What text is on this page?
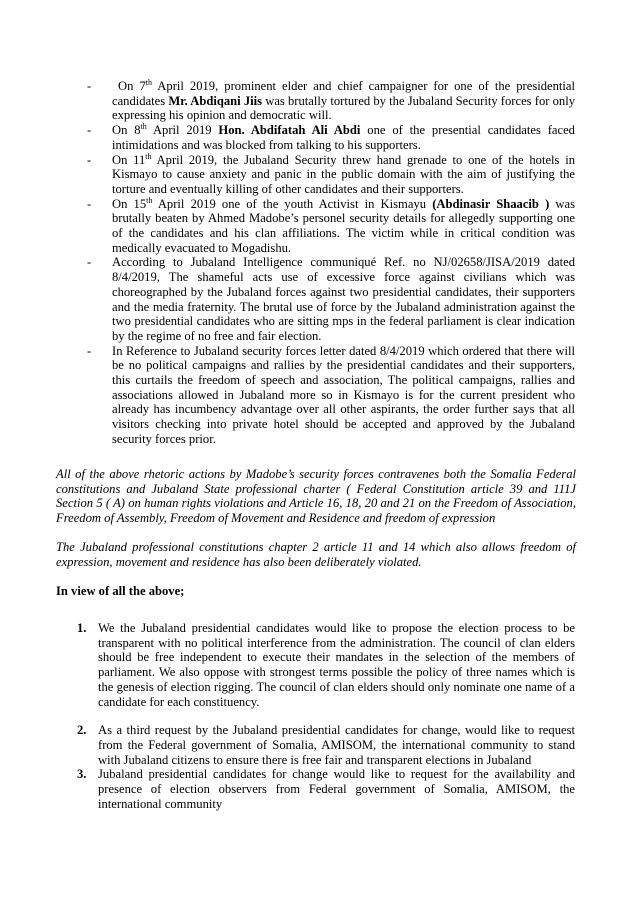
- On 7th April 2019, prominent elder and chief campaigner for one of the presidential candidates Mr. Abdiqani Jiis was brutally tortured by the Jubaland Security forces for only expressing his opinion and democratic will.
- On 8th April 2019 Hon. Abdifatah Ali Abdi one of the presential candidates faced intimidations and was blocked from talking to his supporters.
- On 11th April 2019, the Jubaland Security threw hand grenade to one of the hotels in Kismayo to cause anxiety and panic in the public domain with the aim of justifying the torture and eventually killing of other candidates and their supporters.
- On 15th April 2019 one of the youth Activist in Kismayu (Abdinasir Shaacib ) was brutally beaten by Ahmed Madobe’s personel security details for allegedly supporting one of the candidates and his clan affiliations. The victim while in critical condition was medically evacuated to Mogadishu.
- According to Jubaland Intelligence communiqué Ref. no NJ/02658/JISA/2019 dated 8/4/2019, The shameful acts use of excessive force against civilians which was choreographed by the Jubaland forces against two presidential candidates, their supporters and the media fraternity. The brutal use of force by the Jubaland administration against the two presidential candidates who are sitting mps in the federal parliament is clear indication by the regime of no free and fair election.
- In Reference to Jubaland security forces letter dated 8/4/2019 which ordered that there will be no political campaigns and rallies by the presidential candidates and their supporters, this curtails the freedom of speech and association, The political campaigns, rallies and associations allowed in Jubaland more so in Kismayo is for the current president who already has incumbency advantage over all other aspirants, the order further says that all visitors checking into private hotel should be accepted and approved by the Jubaland security forces prior.

All of the above rhetoric actions by Madobe’s security forces contravenes both the Somalia Federal constitutions and Jubaland State professional charter ( Federal Constitution article 39 and 111J Section 5 ( A) on human rights violations and Article 16, 18, 20 and 21 on the Freedom of Association, Freedom of Assembly, Freedom of Movement and Residence and freedom of expression

The Jubaland professional constitutions chapter 2 article 11 and 14 which also allows freedom of expression, movement and residence has also been deliberately violated.

In view of all the above;

1. We the Jubaland presidential candidates would like to propose the election process to be transparent with no political interference from the administration. The council of clan elders should be free independent to execute their mandates in the selection of the members of parliament. We also oppose with strongest terms possible the policy of three names which is the genesis of election rigging. The council of clan elders should only nominate one name of a candidate for each constituency.
2. As a third request by the Jubaland presidential candidates for change, would like to request from the Federal government of Somalia, AMISOM, the international community to stand with Jubaland citizens to ensure there is free fair and transparent elections in Jubaland
3. Jubaland presidential candidates for change would like to request for the availability and presence of election observers from Federal government of Somalia, AMISOM, the international community
